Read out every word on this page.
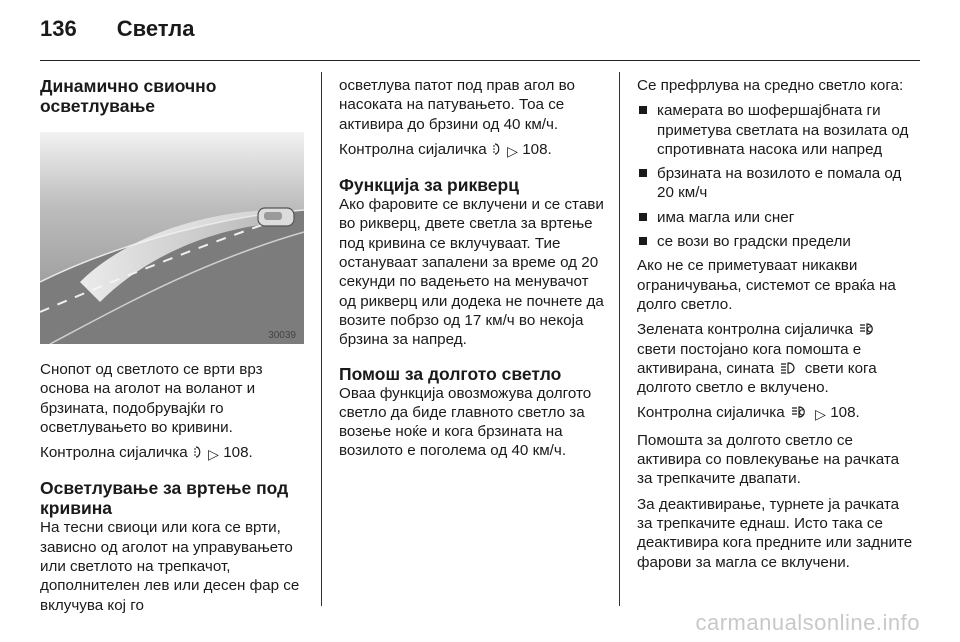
136 Светла
Динамично свиочно осветлување
30039

Снопот од светлото се врти врз основа на аголот на воланот и брзината, подобрувајќи го осветлувањето во кривини.

Контролна сијаличка ▷ 108.

Осветлување за вртење под кривина

На тесни свиоци или кога се врти, зависно од аголот на управувањето или светлото на трепкачот, дополнителен лев или десен фар се вклучува кој го

осветлува патот под прав агол во насоката на патувањето. Тоа се активира до брзини од 40 км/ч.

Контролна сијаличка ▷ 108.

Функција за рикверц

Ако фаровите се вклучени и се стави во рикверц, двете светла за вртење под кривина се вклучуваат. Тие остануваат запалени за време од 20 секунди по вадењето на менувачот од рикверц или додека не почнете да возите побрзо од 17 км/ч во некоја брзина за напред.

Помош за долгото светло

Оваа функција овозможува долгото светло да биде главното светло за возење ноќе и кога брзината на возилото е поголема од 40 км/ч.

Се префрлува на средно светло кога:

камерата во шофершајбната ги приметува светлата на возилата од спротивната насока или напред
брзината на возилото е помала од 20 км/ч
има магла или снег
се вози во градски предели

Ако не се приметуваат никакви ограничувања, системот се враќа на долго светло.

Зелената контролна сијаличка  свети постојано кога помошта е активирана, сината свети кога долгото светло е вклучено.

Контролна сијаличка ▷ 108.

Помошта за долгото светло се активира со повлекување на рачката за трепкачите двапати.

За деактивирање, турнете ја рачката за трепкачите еднаш. Исто така се деактивира кога предните или задните фарови за магла се вклучени.

carmanualsonline.info
